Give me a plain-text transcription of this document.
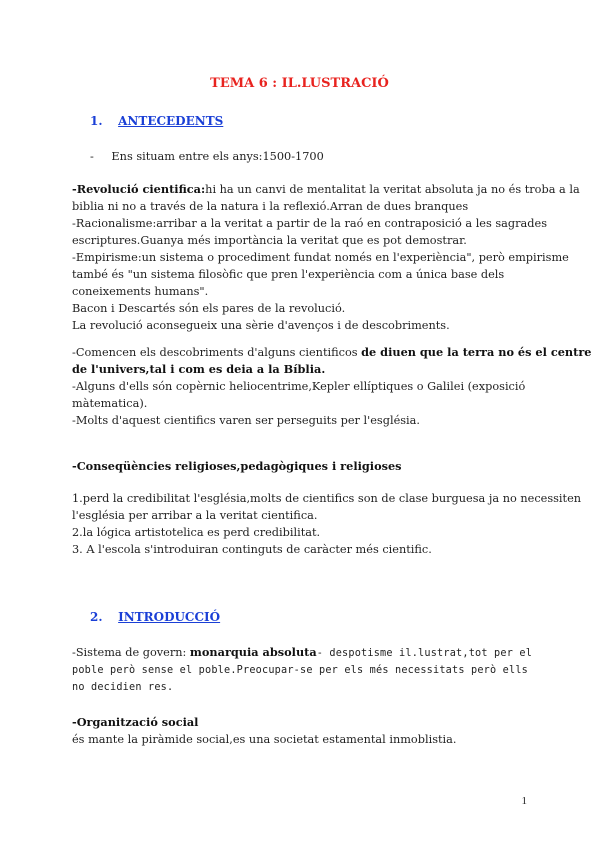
TEMA 6 : IL.LUSTRACIÓ
1. ANTECEDENTS
- Ens situam entre els anys:1500-1700
-Revolució cientifica:hi ha un canvi de mentalitat la veritat absoluta ja no és troba a la
biblia ni no a través de la natura i la reflexió.Arran de dues branques
-Racionalisme:arribar a la veritat a partir de la raó en contraposició a les sagrades
escriptures.Guanya més importància la veritat que es pot demostrar.
-Empirisme:un sistema o procediment fundat només en l'experiència", però empirisme
també és "un sistema filosòfic que pren l'experiència com a única base dels
coneixements humans".
Bacon i Descartés són els pares de la revolució.
La revolució aconsegueix una sèrie d'avenços i de descobriments.
-Comencen els descobriments d'alguns cientificos de diuen que la terra no és el centre
de l'univers,tal i com es deia a la Bíblia.
-Alguns d'ells són copèrnic heliocentrime,Kepler ellíptiques o Galilei (exposició
màtematica).
-Molts d'aquest cientifics varen ser perseguits per l'església.
-Conseqüències religioses,pedagògiques i religioses
1.perd la credibilitat l'església,molts de cientifics son de clase burguesa ja no necessiten
l'església per arribar a la veritat cientifica.
2.la lógica artistotelica es perd credibilitat.
3. A l'escola s'introduiran continguts de caràcter més cientific.
2. INTRODUCCIÓ
-Sistema de govern: monarquia absoluta- despotisme il.lustrat,tot per el
poble però sense el poble.Preocupar-se per els més necessitats però ells
no decidien res.
-Organització social
és mante la piràmide social,es una societat estamental inmoblistia.
1
